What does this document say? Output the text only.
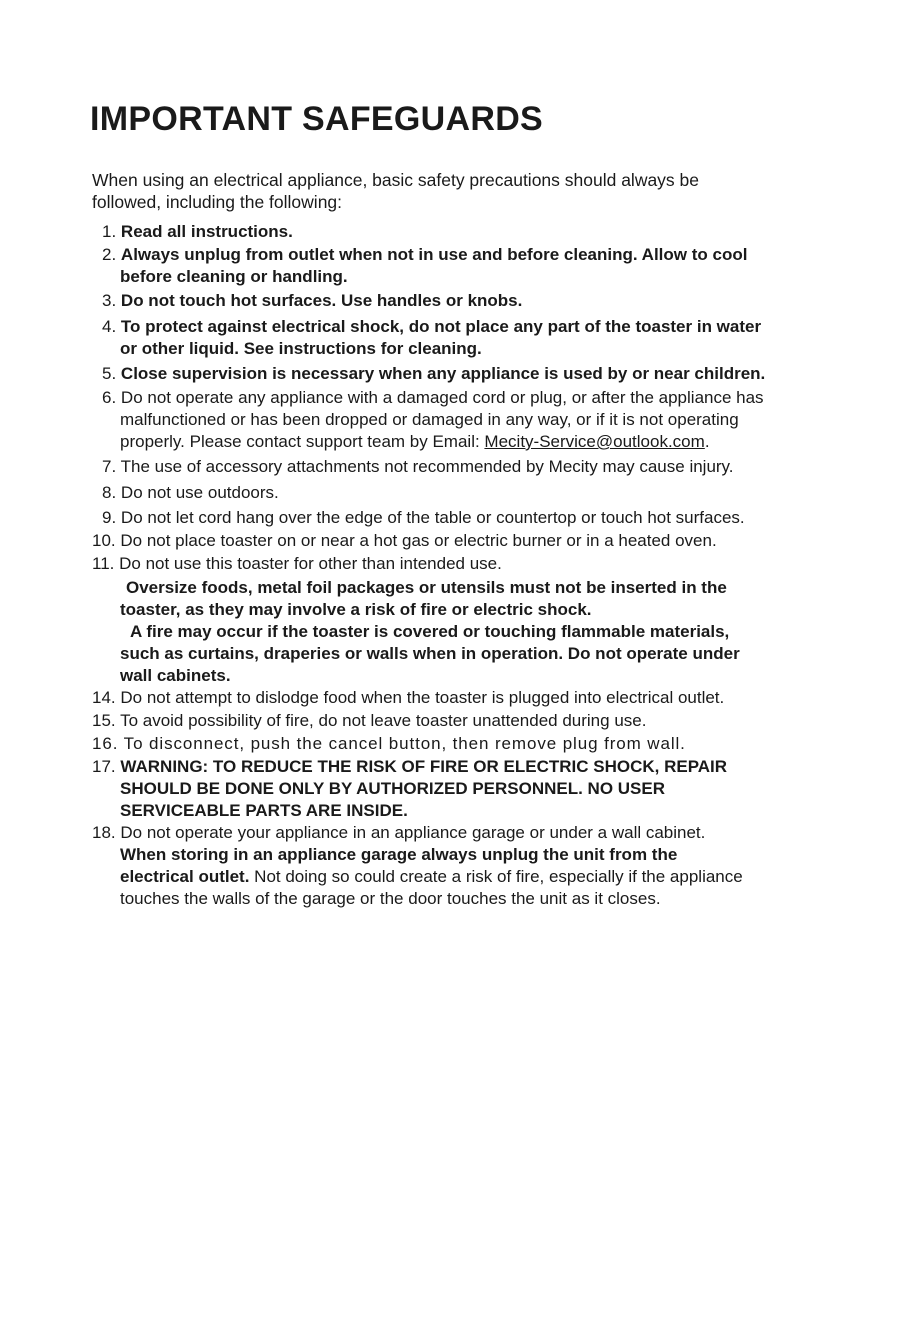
IMPORTANT SAFEGUARDS
When using an electrical appliance, basic safety precautions should always be
followed, including the following:
1. Read all instructions.
2. Always unplug from outlet when not in use and before cleaning. Allow to cool
before cleaning or handling.
3. Do not touch hot surfaces. Use handles or knobs.
4. To protect against electrical shock, do not place any part of the toaster in water
or other liquid. See instructions for cleaning.
5. Close supervision is necessary when any appliance is used by or near children.
6. Do not operate any appliance with a damaged cord or plug, or after the appliance has
malfunctioned or has been dropped or damaged in any way, or if it is not operating
properly. Please contact support team by Email: Mecity-Service@outlook.com.
7. The use of accessory attachments not recommended by Mecity may cause injury.
8. Do not use outdoors.
9. Do not let cord hang over the edge of the table or countertop or touch hot surfaces.
10. Do not place toaster on or near a hot gas or electric burner or in a heated oven.
11. Do not use this toaster for other than intended use.
Oversize foods, metal foil packages or utensils must not be inserted in the
toaster, as they may involve a risk of fire or electric shock.
A fire may occur if the toaster is covered or touching flammable materials,
such as curtains, draperies or walls when in operation. Do not operate under
wall cabinets.
14. Do not attempt to dislodge food when the toaster is plugged into electrical outlet.
15. To avoid possibility of fire, do not leave toaster unattended during use.
16. To disconnect, push the cancel button, then remove plug from wall.
17. WARNING: TO REDUCE THE RISK OF FIRE OR ELECTRIC SHOCK, REPAIR
SHOULD BE DONE ONLY BY AUTHORIZED PERSONNEL. NO USER
SERVICEABLE PARTS ARE INSIDE.
18. Do not operate your appliance in an appliance garage or under a wall cabinet.
When storing in an appliance garage always unplug the unit from the
electrical outlet. Not doing so could create a risk of fire, especially if the appliance
touches the walls of the garage or the door touches the unit as it closes.
